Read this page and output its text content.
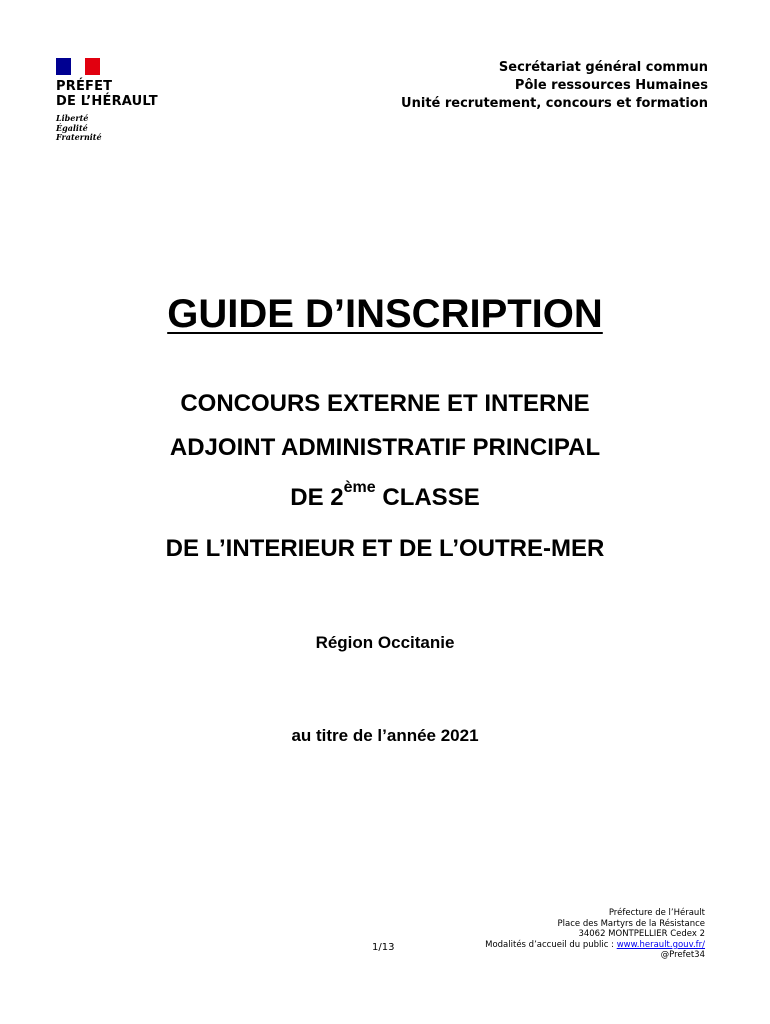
PRÉFET
DE L’HÉRAULT
Liberté
Égalité
Fraternité
Secrétariat général commun
Pôle ressources Humaines
Unité recrutement, concours et formation
GUIDE D’INSCRIPTION
CONCOURS EXTERNE ET INTERNE
ADJOINT ADMINISTRATIF PRINCIPAL
DE 2ème CLASSE
DE L’INTERIEUR ET DE L’OUTRE-MER
Région Occitanie
au titre de l’année 2021
1/13
Préfecture de l’Hérault
Place des Martyrs de la Résistance
34062 MONTPELLIER Cedex 2
Modalités d’accueil du public : www.herault.gouv.fr/
@Prefet34
